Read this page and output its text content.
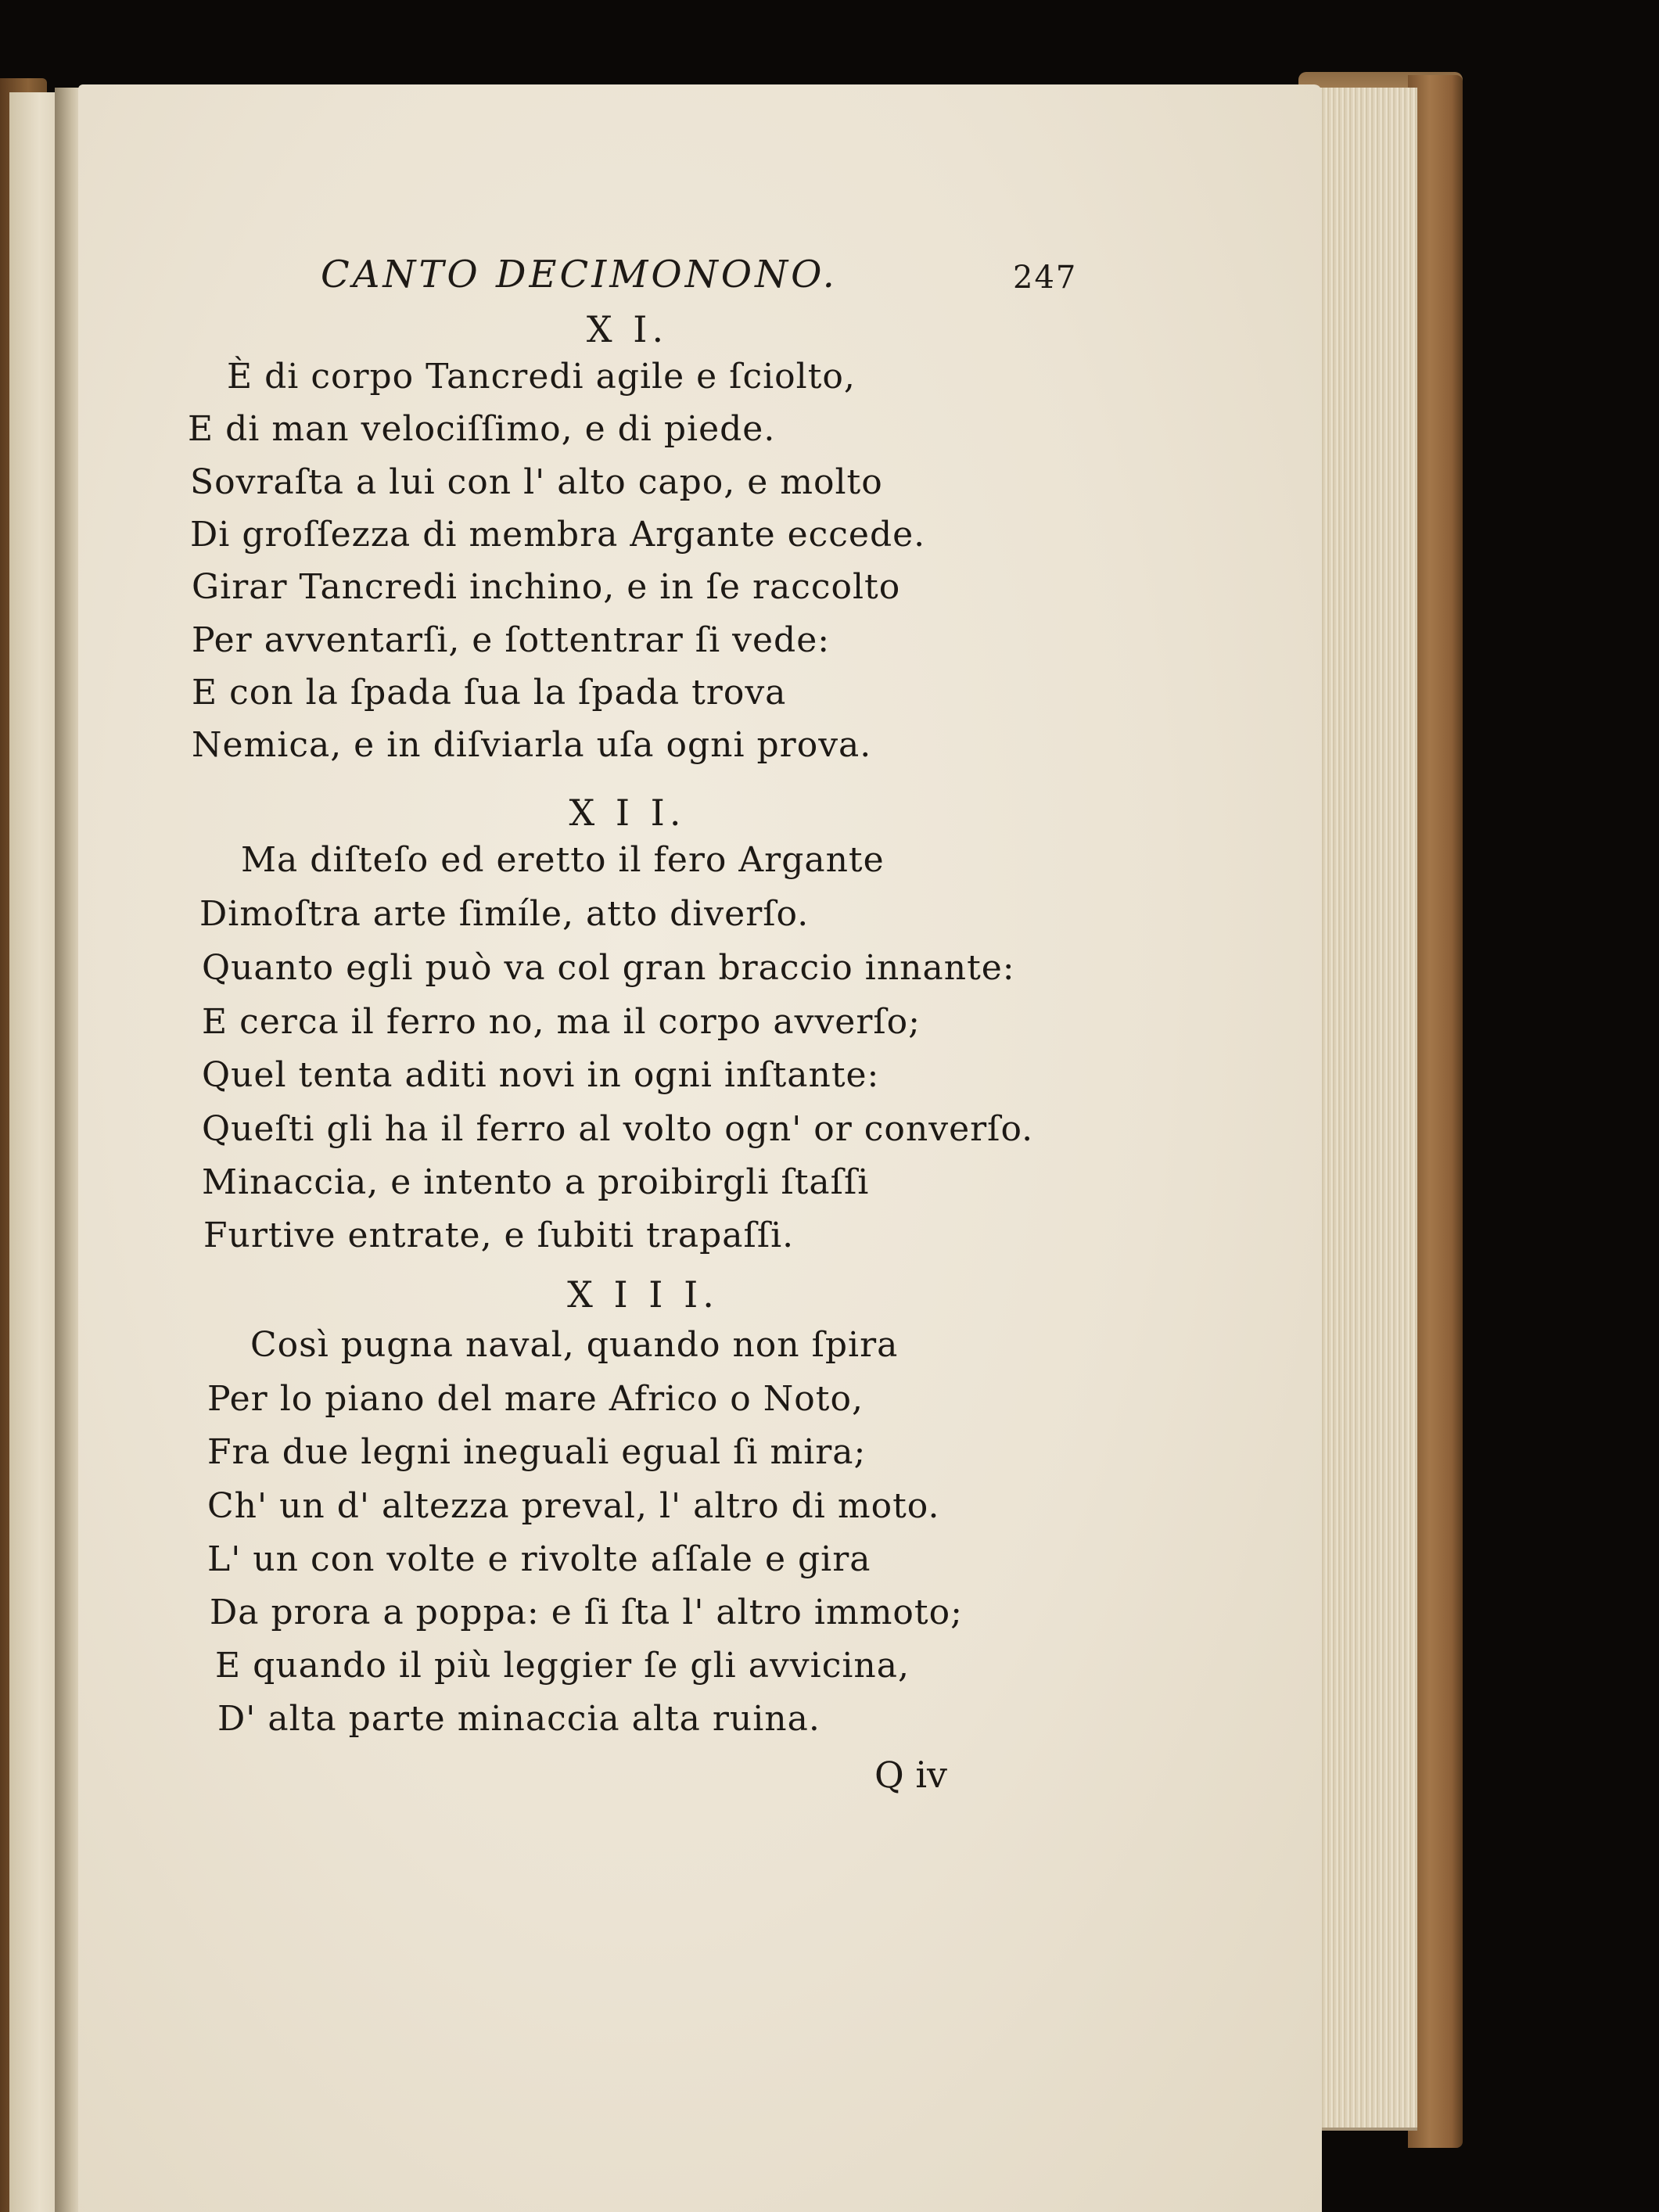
CANTO DECIMONONO.	247
X I.
È di corpo Tancredi agile e ſciolto,
E di man velociſſimo, e di piede.
Sovraſta a lui con l' alto capo, e molto
Di groſſezza di membra Argante eccede.
Girar Tancredi inchino, e in ſe raccolto
Per avventarſi, e ſottentrar ſi vede:
E con la ſpada ſua la ſpada trova
Nemica, e in diſviarla uſa ogni prova.
X I I.
Ma diſteſo ed eretto il fero Argante
Dimoſtra arte ſimíle, atto diverſo.
Quanto egli può va col gran braccio innante:
E cerca il ferro no, ma il corpo avverſo;
Quel tenta aditi novi in ogni inſtante:
Queſti gli ha il ferro al volto ogn' or converſo.
Minaccia, e intento a proibirgli ſtaſſi
Furtive entrate, e ſubiti trapaſſi.
X I I I.
Così pugna naval, quando non ſpira
Per lo piano del mare Africo o Noto,
Fra due legni ineguali egual ſi mira;
Ch' un d' altezza preval, l' altro di moto.
L' un con volte e rivolte aſſale e gira
Da prora a poppa: e ſi ſta l' altro immoto;
E quando il più leggier ſe gli avvicina,
D' alta parte minaccia alta ruina.
Q iv
